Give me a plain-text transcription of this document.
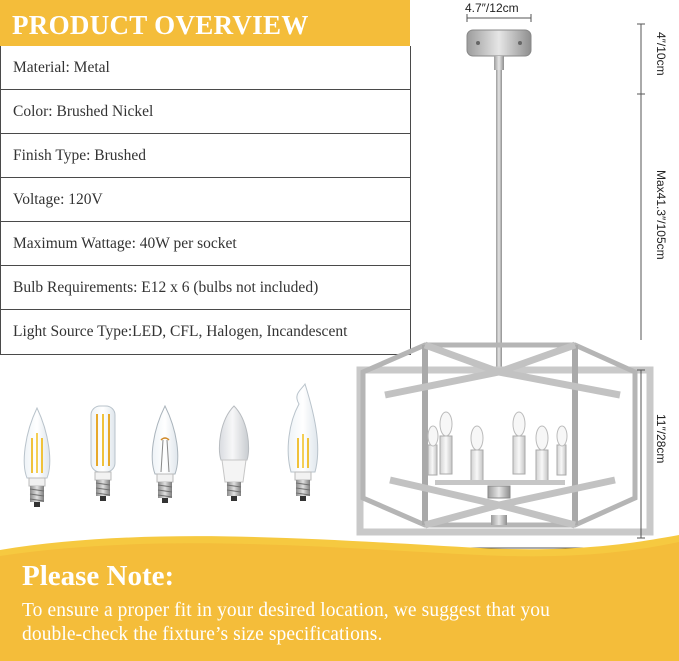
PRODUCT OVERVIEW
Material: Metal
Color: Brushed Nickel
Finish Type: Brushed
Voltage: 120V
Maximum Wattage: 40W per socket
Bulb Requirements: E12 x 6 (bulbs not included)
Light Source Type:LED, CFL, Halogen, Incandescent
4.7″/12cm
4″/10cm
Max41.3″/105cm
11″/28cm
Please Note:
To ensure a proper fit in your desired location, we suggest that you
double-check the fixture’s size specifications.
